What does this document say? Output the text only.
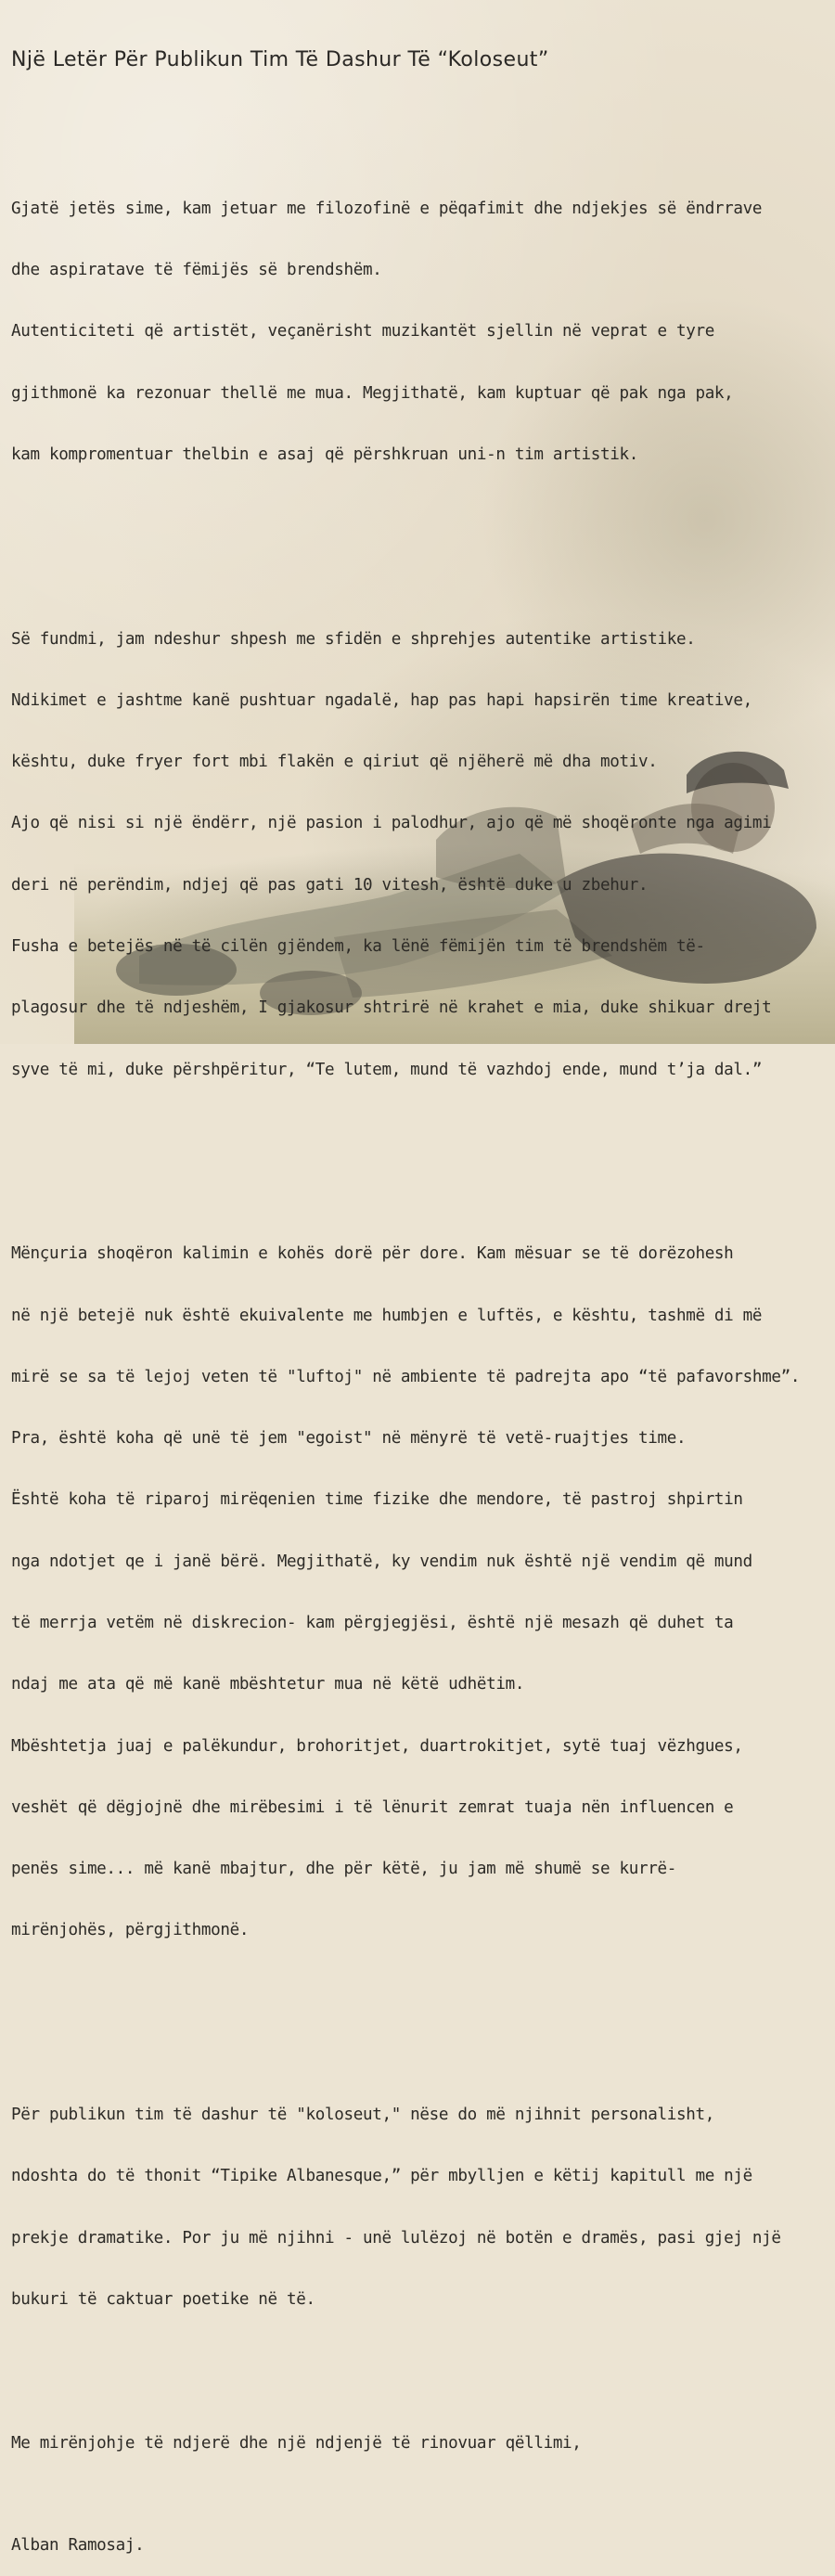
Një Letër Për Publikun Tim Të Dashur Të “Koloseut”

Gjatë jetës sime, kam jetuar me filozofinë e pëqafimit dhe ndjekjes së ëndrrave

dhe aspiratave të fëmijës së brendshëm.

Autenticiteti që artistët, veçanërisht muzikantët sjellin në veprat e tyre

gjithmonë ka rezonuar thellë me mua. Megjithatë, kam kuptuar që pak nga pak,

kam kompromentuar thelbin e asaj që përshkruan uni-n tim artistik.

Së fundmi, jam ndeshur shpesh me sfidën e shprehjes autentike artistike.

Ndikimet e jashtme kanë pushtuar ngadalë, hap pas hapi hapsirën time kreative,

kështu, duke fryer fort mbi flakën e qiriut që njëherë më dha motiv.

Ajo që nisi si një ëndërr, një pasion i palodhur, ajo që më shoqëronte nga agimi

deri në perëndim, ndjej që pas gati 10 vitesh, është duke u zbehur.

Fusha e betejës në të cilën gjëndem, ka lënë fëmijën tim të brendshëm të-

plagosur dhe të ndjeshëm, I gjakosur shtrirë në krahet e mia, duke shikuar drejt

syve të mi, duke përshpëritur, “Te lutem, mund të vazhdoj ende, mund t’ja dal.”

Mënçuria shoqëron kalimin e kohës dorë për dore. Kam mësuar se të dorëzohesh

në një betejë nuk është ekuivalente me humbjen e luftës, e kështu, tashmë di më

mirë se sa të lejoj veten të "luftoj" në ambiente të padrejta apo “të pafavorshme”.

Pra, është koha që unë të jem "egoist" në mënyrë të vetë-ruajtjes time.

Është koha të riparoj mirëqenien time fizike dhe mendore, të pastroj shpirtin

nga ndotjet qe i janë bërë. Megjithatë, ky vendim nuk është një vendim që mund

të merrja vetëm në diskrecion- kam përgjegjësi, është një mesazh që duhet ta

ndaj me ata që më kanë mbështetur mua në këtë udhëtim.

Mbështetja juaj e palëkundur, brohoritjet, duartrokitjet, sytë tuaj vëzhgues,

veshët që dëgjojnë dhe mirëbesimi i të lënurit zemrat tuaja nën influencen e

penës sime... më kanë mbajtur, dhe për këtë, ju jam më shumë se kurrë-

mirënjohës, përgjithmonë.

Për publikun tim të dashur të "koloseut," nëse do më njihnit personalisht,

ndoshta do të thonit “Tipike Albanesque,” për mbylljen e këtij kapitull me një

prekje dramatike. Por ju më njihni - unë lulëzoj në botën e dramës, pasi gjej një

bukuri të caktuar poetike në të.

Me mirënjohje të ndjerë dhe një ndjenjë të rinovuar qëllimi,

Alban Ramosaj.
